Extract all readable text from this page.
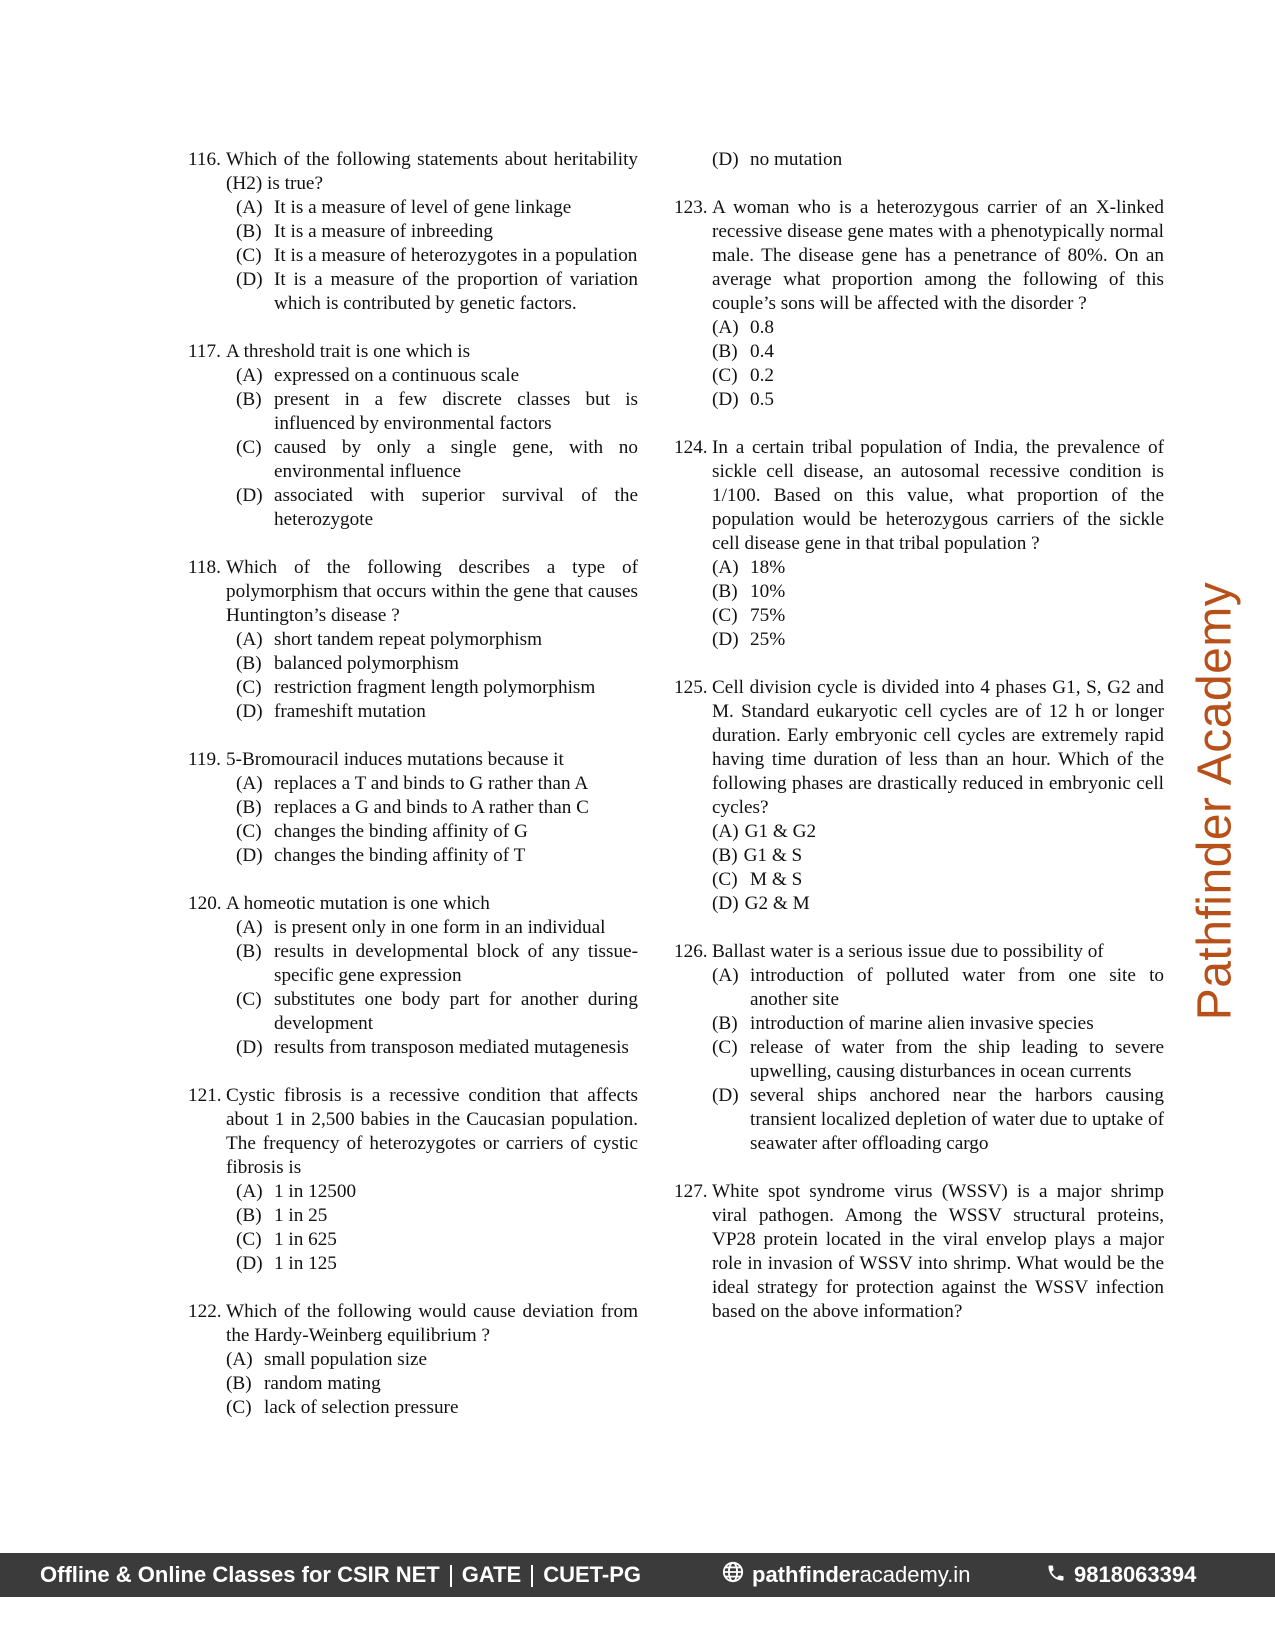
116. Which of the following statements about heritability (H2) is true?
(A) It is a measure of level of gene linkage
(B) It is a measure of inbreeding
(C) It is a measure of heterozygotes in a population
(D) It is a measure of the proportion of variation which is contributed by genetic factors.
117. A threshold trait is one which is
(A) expressed on a continuous scale
(B) present in a few discrete classes but is influenced by environmental factors
(C) caused by only a single gene, with no environmental influence
(D) associated with superior survival of the heterozygote
118. Which of the following describes a type of polymorphism that occurs within the gene that causes Huntington’s disease ?
(A) short tandem repeat polymorphism
(B) balanced polymorphism
(C) restriction fragment length polymorphism
(D) frameshift mutation
119. 5-Bromouracil induces mutations because it
(A) replaces a T and binds to G rather than A
(B) replaces a G and binds to A rather than C
(C) changes the binding affinity of G
(D) changes the binding affinity of T
120. A homeotic mutation is one which
(A) is present only in one form in an individual
(B) results in developmental block of any tissue-specific gene expression
(C) substitutes one body part for another during development
(D) results from transposon mediated mutagenesis
121. Cystic fibrosis is a recessive condition that affects about 1 in 2,500 babies in the Caucasian population. The frequency of heterozygotes or carriers of cystic fibrosis is
(A) 1 in 12500
(B) 1 in 25
(C) 1 in 625
(D) 1 in 125
122. Which of the following would cause deviation from the Hardy-Weinberg equilibrium ?
(A) small population size
(B) random mating
(C) lack of selection pressure
(D) no mutation
123. A woman who is a heterozygous carrier of an X-linked recessive disease gene mates with a phenotypically normal male. The disease gene has a penetrance of 80%. On an average what proportion among the following of this couple’s sons will be affected with the disorder ?
(A) 0.8
(B) 0.4
(C) 0.2
(D) 0.5
124. In a certain tribal population of India, the prevalence of sickle cell disease, an autosomal recessive condition is 1/100. Based on this value, what proportion of the population would be heterozygous carriers of the sickle cell disease gene in that tribal population ?
(A) 18%
(B) 10%
(C) 75%
(D) 25%
125. Cell division cycle is divided into 4 phases G1, S, G2 and M. Standard eukaryotic cell cycles are of 12 h or longer duration. Early embryonic cell cycles are extremely rapid having time duration of less than an hour. Which of the following phases are drastically reduced in embryonic cell cycles?
(A) G1 & G2
(B) G1 & S
(C) M & S
(D) G2 & M
126. Ballast water is a serious issue due to possibility of
(A) introduction of polluted water from one site to another site
(B) introduction of marine alien invasive species
(C) release of water from the ship leading to severe upwelling, causing disturbances in ocean currents
(D) several ships anchored near the harbors causing transient localized depletion of water due to uptake of seawater after offloading cargo
127. White spot syndrome virus (WSSV) is a major shrimp viral pathogen. Among the WSSV structural proteins, VP28 protein located in the viral envelop plays a major role in invasion of WSSV into shrimp. What would be the ideal strategy for protection against the WSSV infection based on the above information?
Pathfinder Academy
Offline & Online Classes for CSIR NET GATE CUET-PG	pathfinderacademy.in	9818063394
